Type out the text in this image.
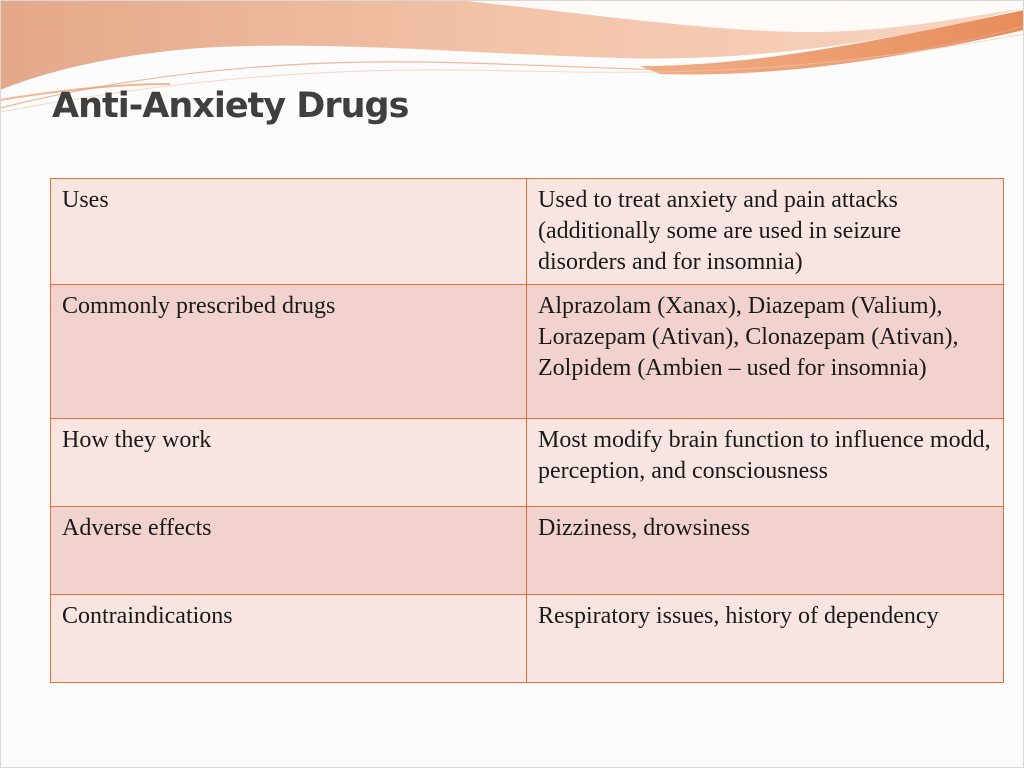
Anti-Anxiety Drugs
Uses	Used to treat anxiety and pain attacks (additionally some are used in seizure disorders and for insomnia)
Commonly prescribed drugs	Alprazolam (Xanax), Diazepam (Valium), Lorazepam (Ativan), Clonazepam (Ativan), Zolpidem (Ambien – used for insomnia)
How they work	Most modify brain function to influence modd, perception, and consciousness
Adverse effects	Dizziness, drowsiness
Contraindications	Respiratory issues, history of dependency
